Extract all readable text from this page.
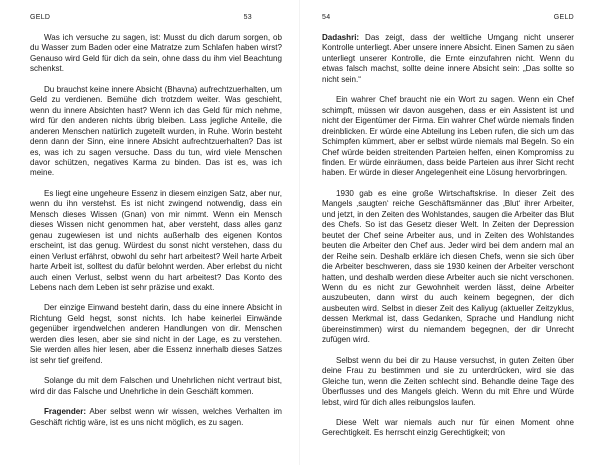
GELD	53

Was ich versuche zu sagen, ist: Musst du dich darum sorgen, ob du Wasser zum Baden oder eine Matratze zum Schlafen haben wirst? Genauso wird Geld für dich da sein, ohne dass du ihm viel Beachtung schenkst.

Du brauchst keine innere Absicht (Bhavna) aufrechtzuerhalten, um Geld zu verdienen. Bemühe dich trotzdem weiter. Was geschieht, wenn du innere Absichten hast? Wenn ich das Geld für mich nehme, wird für den anderen nichts übrig bleiben. Lass jegliche Anteile, die anderen Menschen natürlich zugeteilt wurden, in Ruhe. Worin besteht denn dann der Sinn, eine innere Absicht aufrechtzuerhalten? Das ist es, was ich zu sagen versuche. Dass du tun, wird viele Menschen davor schützen, negatives Karma zu binden. Das ist es, was ich meine.

Es liegt eine ungeheure Essenz in diesem einzigen Satz, aber nur, wenn du ihn verstehst. Es ist nicht zwingend notwendig, dass ein Mensch dieses Wissen (Gnan) von mir nimmt. Wenn ein Mensch dieses Wissen nicht genommen hat, aber versteht, dass alles ganz genau zugewiesen ist und nichts außerhalb des eigenen Kontos erscheint, ist das genug. Würdest du sonst nicht verstehen, dass du einen Verlust erfährst, obwohl du sehr hart arbeitest? Weil harte Arbeit harte Arbeit ist, solltest du dafür belohnt werden. Aber erlebst du nicht auch einen Verlust, selbst wenn du hart arbeitest? Das Konto des Lebens nach dem Leben ist sehr präzise und exakt.

Der einzige Einwand besteht darin, dass du eine innere Absicht in Richtung Geld hegst, sonst nichts. Ich habe keinerlei Einwände gegenüber irgendwelchen anderen Handlungen von dir. Menschen werden dies lesen, aber sie sind nicht in der Lage, es zu verstehen. Sie werden alles hier lesen, aber die Essenz innerhalb dieses Satzes ist sehr tief greifend.

Solange du mit dem Falschen und Unehrlichen nicht vertraut bist, wird dir das Falsche und Unehrliche in dein Geschäft kommen.

Fragender: Aber selbst wenn wir wissen, welches Verhalten im Geschäft richtig wäre, ist es uns nicht möglich, es zu sagen.

54	GELD

Dadashri: Das zeigt, dass der weltliche Umgang nicht unserer Kontrolle unterliegt. Aber unsere innere Absicht. Einen Samen zu säen unterliegt unserer Kontrolle, die Ernte einzufahren nicht. Wenn du etwas falsch machst, sollte deine innere Absicht sein: „Das sollte so nicht sein.“

Ein wahrer Chef braucht nie ein Wort zu sagen. Wenn ein Chef schimpft, müssen wir davon ausgehen, dass er ein Assistent ist und nicht der Eigentümer der Firma. Ein wahrer Chef würde niemals finden dreinblicken. Er würde eine Abteilung ins Leben rufen, die sich um das Schimpfen kümmert, aber er selbst würde niemals mal Begeln. So ein Chef würde beiden streitenden Parteien helfen, einen Kompromiss zu finden. Er würde einräumen, dass beide Parteien aus ihrer Sicht recht haben. Er würde in dieser Angelegenheit eine Lösung hervorbringen.

1930 gab es eine große Wirtschaftskrise. In dieser Zeit des Mangels ‚saugten‘ reiche Geschäftsmänner das ‚Blut‘ ihrer Arbeiter, und jetzt, in den Zeiten des Wohlstandes, saugen die Arbeiter das Blut des Chefs. So ist das Gesetz dieser Welt. In Zeiten der Depression beutet der Chef seine Arbeiter aus, und in Zeiten des Wohlstandes beuten die Arbeiter den Chef aus. Jeder wird bei dem andern mal an der Reihe sein. Deshalb erkläre ich diesen Chefs, wenn sie sich über die Arbeiter beschweren, dass sie 1930 keinen der Arbeiter verschont hatten, und deshalb werden diese Arbeiter auch sie nicht verschonen. Wenn du es nicht zur Gewohnheit werden lässt, deine Arbeiter auszubeuten, dann wirst du auch keinem begegnen, der dich ausbeuten wird. Selbst in dieser Zeit des Kaliyug (aktueller Zeitzyklus, dessen Merkmal ist, dass Gedanken, Sprache und Handlung nicht übereinstimmen) wirst du niemandem begegnen, der dir Unrecht zufügen wird.

Selbst wenn du bei dir zu Hause versuchst, in guten Zeiten über deine Frau zu bestimmen und sie zu unterdrücken, wird sie das Gleiche tun, wenn die Zeiten schlecht sind. Behandle deine Tage des Überflusses und des Mangels gleich. Wenn du mit Ehre und Würde lebst, wird für dich alles reibungslos laufen.

Diese Welt war niemals auch nur für einen Moment ohne Gerechtigkeit. Es herrscht einzig Gerechtigkeit; von
